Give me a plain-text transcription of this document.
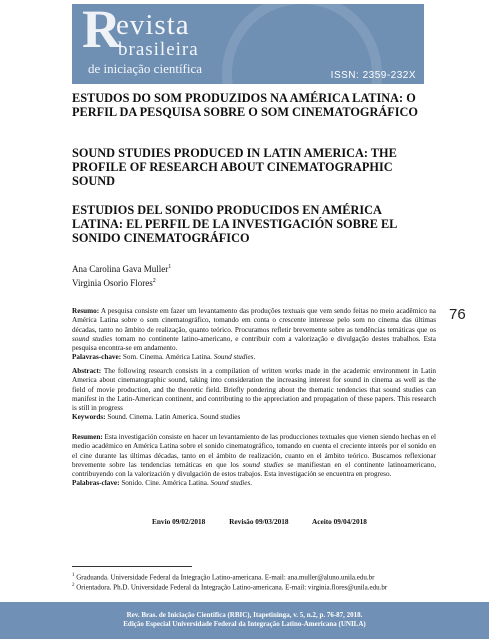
R
evista
brasileira
de iniciação científica	ISSN: 2359-232X
ESTUDOS DO SOM PRODUZIDOS NA AMÉRICA LATINA: O PERFIL DA PESQUISA SOBRE O SOM CINEMATOGRÁFICO
SOUND STUDIES PRODUCED IN LATIN AMERICA: THE PROFILE OF RESEARCH ABOUT CINEMATOGRAPHIC SOUND
ESTUDIOS DEL SONIDO PRODUCIDOS EN AMÉRICA LATINA: EL PERFIL DE LA INVESTIGACIÓN SOBRE EL SONIDO CINEMATOGRÁFICO
Ana Carolina Gava Muller$^1$
Virginia Osorio Flores$^2$
76
Resumo: A pesquisa consiste em fazer um levantamento das produções textuais que vem sendo feitas no meio acadêmico na América Latina sobre o som cinematográfico, tomando em conta o crescente interesse pelo som no cinema das últimas décadas, tanto no âmbito de realização, quanto teórico. Procuramos refletir brevemente sobre as tendências temáticas que os sound studies tomam no continente latino-americano, e contribuir com a valorização e divulgação destes trabalhos. Esta pesquisa encontra-se em andamento.
Palavras-chave: Som. Cinema. América Latina. Sound studies.
Abstract: The following research consists in a compilation of written works made in the academic environment in Latin America about cinematographic sound, taking into consideration the increasing interest for sound in cinema as well as the field of movie production, and the theoretic field. Briefly pondering about the thematic tendencies that sound studies can manifest in the Latin-American continent, and contributing to the appreciation and propagation of these papers. This research is still in progress
Keywords: Sound. Cinema. Latin America. Sound studies
Resumen: Esta investigación consiste en hacer un levantamiento de las producciones textuales que vienen siendo hechas en el medio académico en América Latina sobre el sonido cinematográfico, tomando en cuenta el creciente interés por el sonido en el cine durante las últimas décadas, tanto en el ámbito de realización, cuanto en el ámbito teórico. Buscamos reflexionar brevemente sobre las tendencias temáticas en que los sound studies se manifiestan en el continente latinoamericano, contribuyendo con la valorización y divulgación de estos trabajos. Esta investigación se encuentra en progreso.
Palabras-clave: Sonido. Cine. América Latina. Sound studies.
Envio 09/02/2018	Revisão 09/03/2018	Aceito 09/04/2018
$^1$ Graduanda. Universidade Federal da Integração Latino-americana. E-mail: ana.muller@aluno.unila.edu.br
$^2$ Orientadora. Ph.D. Universidade Federal da Integração Latino-americana. E-mail: virginia.flores@unila.edu.br
Rev. Bras. de Iniciação Científica (RBIC), Itapetininga, v. 5, n.2, p. 76-87, 2018.
Edição Especial Universidade Federal da Integração Latino-Americana (UNILA)
